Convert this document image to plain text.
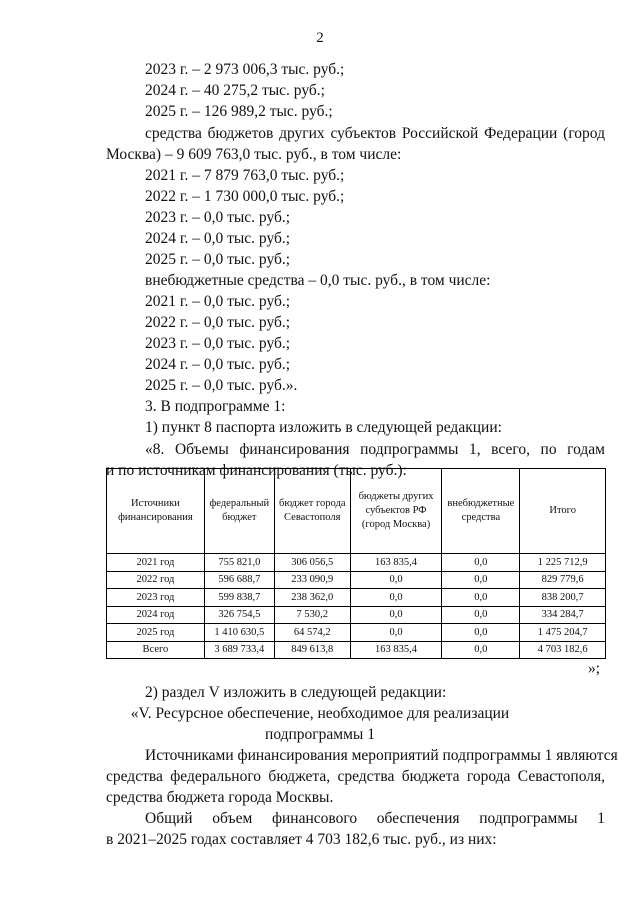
2
2023 г. – 2 973 006,3 тыс. руб.;
2024 г. – 40 275,2 тыс. руб.;
2025 г. – 126 989,2 тыс. руб.;
средства бюджетов других субъектов Российской Федерации (город
Москва) – 9 609 763,0 тыс. руб., в том числе:
2021 г. – 7 879 763,0 тыс. руб.;
2022 г. – 1 730 000,0 тыс. руб.;
2023 г. – 0,0 тыс. руб.;
2024 г. – 0,0 тыс. руб.;
2025 г. – 0,0 тыс. руб.;
внебюджетные средства – 0,0 тыс. руб., в том числе:
2021 г. – 0,0 тыс. руб.;
2022 г. – 0,0 тыс. руб.;
2023 г. – 0,0 тыс. руб.;
2024 г. – 0,0 тыс. руб.;
2025 г. – 0,0 тыс. руб.».
3. В подпрограмме 1:
1) пункт 8 паспорта изложить в следующей редакции:
«8. Объемы финансирования подпрограммы 1, всего, по годам
и по источникам финансирования (тыс. руб.):
Источники финансирования	федеральный бюджет	бюджет города Севастополя	бюджеты других субъектов РФ (город Москва)	внебюджетные средства	Итого
2021 год	755 821,0	306 056,5	163 835,4	0,0	1 225 712,9
2022 год	596 688,7	233 090,9	0,0	0,0	829 779,6
2023 год	599 838,7	238 362,0	0,0	0,0	838 200,7
2024 год	326 754,5	7 530,2	0,0	0,0	334 284,7
2025 год	1 410 630,5	64 574,2	0,0	0,0	1 475 204,7
Всего	3 689 733,4	849 613,8	163 835,4	0,0	4 703 182,6
»;
2) раздел V изложить в следующей редакции:
«V. Ресурсное обеспечение, необходимое для реализации
подпрограммы 1
Источниками финансирования мероприятий подпрограммы 1 являются
средства федерального бюджета, средства бюджета города Севастополя,
средства бюджета города Москвы.
Общий объем финансового обеспечения подпрограммы 1
в 2021–2025 годах составляет 4 703 182,6 тыс. руб., из них:
